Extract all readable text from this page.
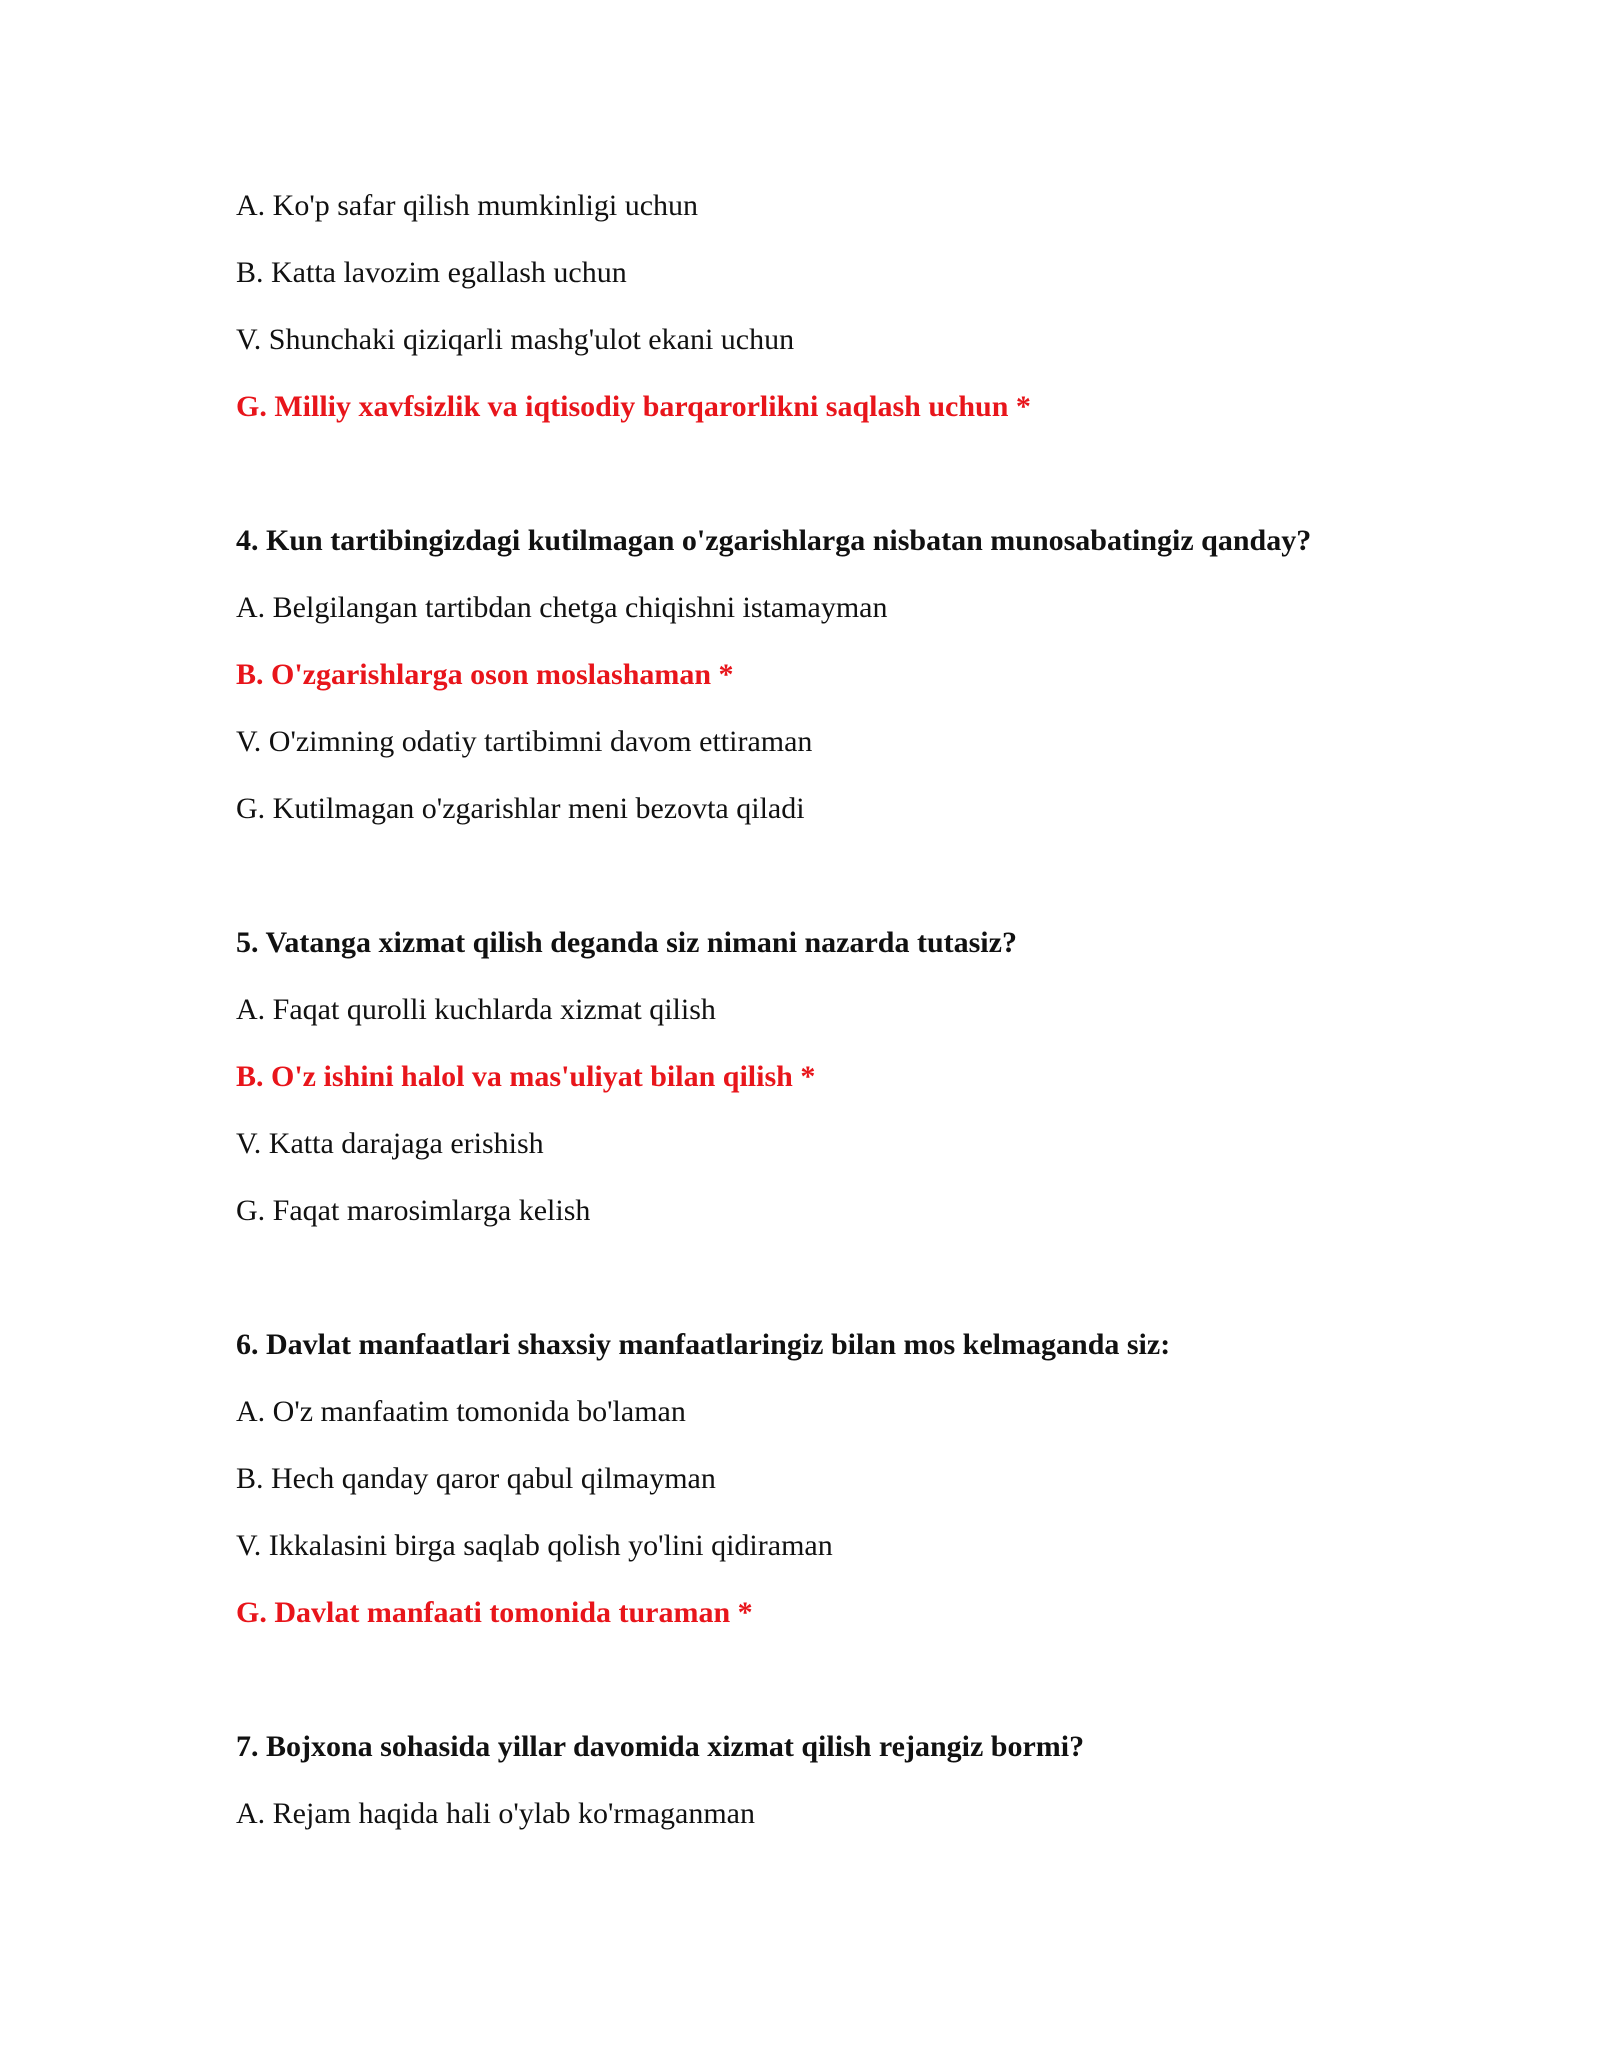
A. Ko'p safar qilish mumkinligi uchun
B. Katta lavozim egallash uchun
V. Shunchaki qiziqarli mashg'ulot ekani uchun
G. Milliy xavfsizlik va iqtisodiy barqarorlikni saqlash uchun *
4. Kun tartibingizdagi kutilmagan o'zgarishlarga nisbatan munosabatingiz qanday?
A. Belgilangan tartibdan chetga chiqishni istamayman
B. O'zgarishlarga oson moslashaman *
V. O'zimning odatiy tartibimni davom ettiraman
G. Kutilmagan o'zgarishlar meni bezovta qiladi
5. Vatanga xizmat qilish deganda siz nimani nazarda tutasiz?
A. Faqat qurolli kuchlarda xizmat qilish
B. O'z ishini halol va mas'uliyat bilan qilish *
V. Katta darajaga erishish
G. Faqat marosimlarga kelish
6. Davlat manfaatlari shaxsiy manfaatlaringiz bilan mos kelmaganda siz:
A. O'z manfaatim tomonida bo'laman
B. Hech qanday qaror qabul qilmayman
V. Ikkalasini birga saqlab qolish yo'lini qidiraman
G. Davlat manfaati tomonida turaman *
7. Bojxona sohasida yillar davomida xizmat qilish rejangiz bormi?
A. Rejam haqida hali o'ylab ko'rmaganman
